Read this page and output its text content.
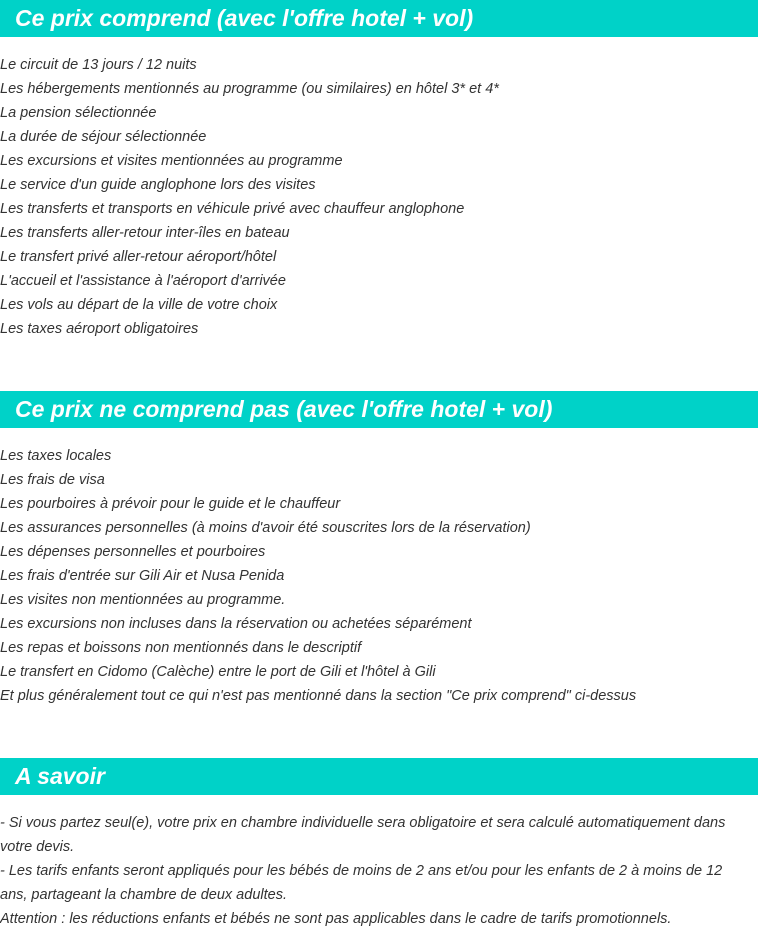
Ce prix comprend (avec l'offre hotel + vol)
Le circuit de 13 jours / 12 nuits
Les hébergements mentionnés au programme (ou similaires) en hôtel 3* et 4*
La pension sélectionnée
La durée de séjour sélectionnée
Les excursions et visites mentionnées au programme
Le service d'un guide anglophone lors des visites
Les transferts et transports en véhicule privé avec chauffeur anglophone
Les transferts aller-retour inter-îles en bateau
Le transfert privé aller-retour aéroport/hôtel
L'accueil et l'assistance à l'aéroport d'arrivée
Les vols au départ de la ville de votre choix
Les taxes aéroport obligatoires
Ce prix ne comprend pas (avec l'offre hotel + vol)
Les taxes locales
Les frais de visa
Les pourboires à prévoir pour le guide et le chauffeur
Les assurances personnelles (à moins d'avoir été souscrites lors de la réservation)
Les dépenses personnelles et pourboires
Les frais d'entrée sur Gili Air et Nusa Penida
Les visites non mentionnées au programme.
Les excursions non incluses dans la réservation ou achetées séparément
Les repas et boissons non mentionnés dans le descriptif
Le transfert en Cidomo (Calèche) entre le port de Gili et l'hôtel à Gili
Et plus généralement tout ce qui n'est pas mentionné dans la section "Ce prix comprend" ci-dessus
A savoir

- Si vous partez seul(e), votre prix en chambre individuelle sera obligatoire et sera calculé automatiquement dans votre devis.

- Les tarifs enfants seront appliqués pour les bébés de moins de 2 ans et/ou pour les enfants de 2 à moins de 12 ans, partageant la chambre de deux adultes.

Attention : les réductions enfants et bébés ne sont pas applicables dans le cadre de tarifs promotionnels.
